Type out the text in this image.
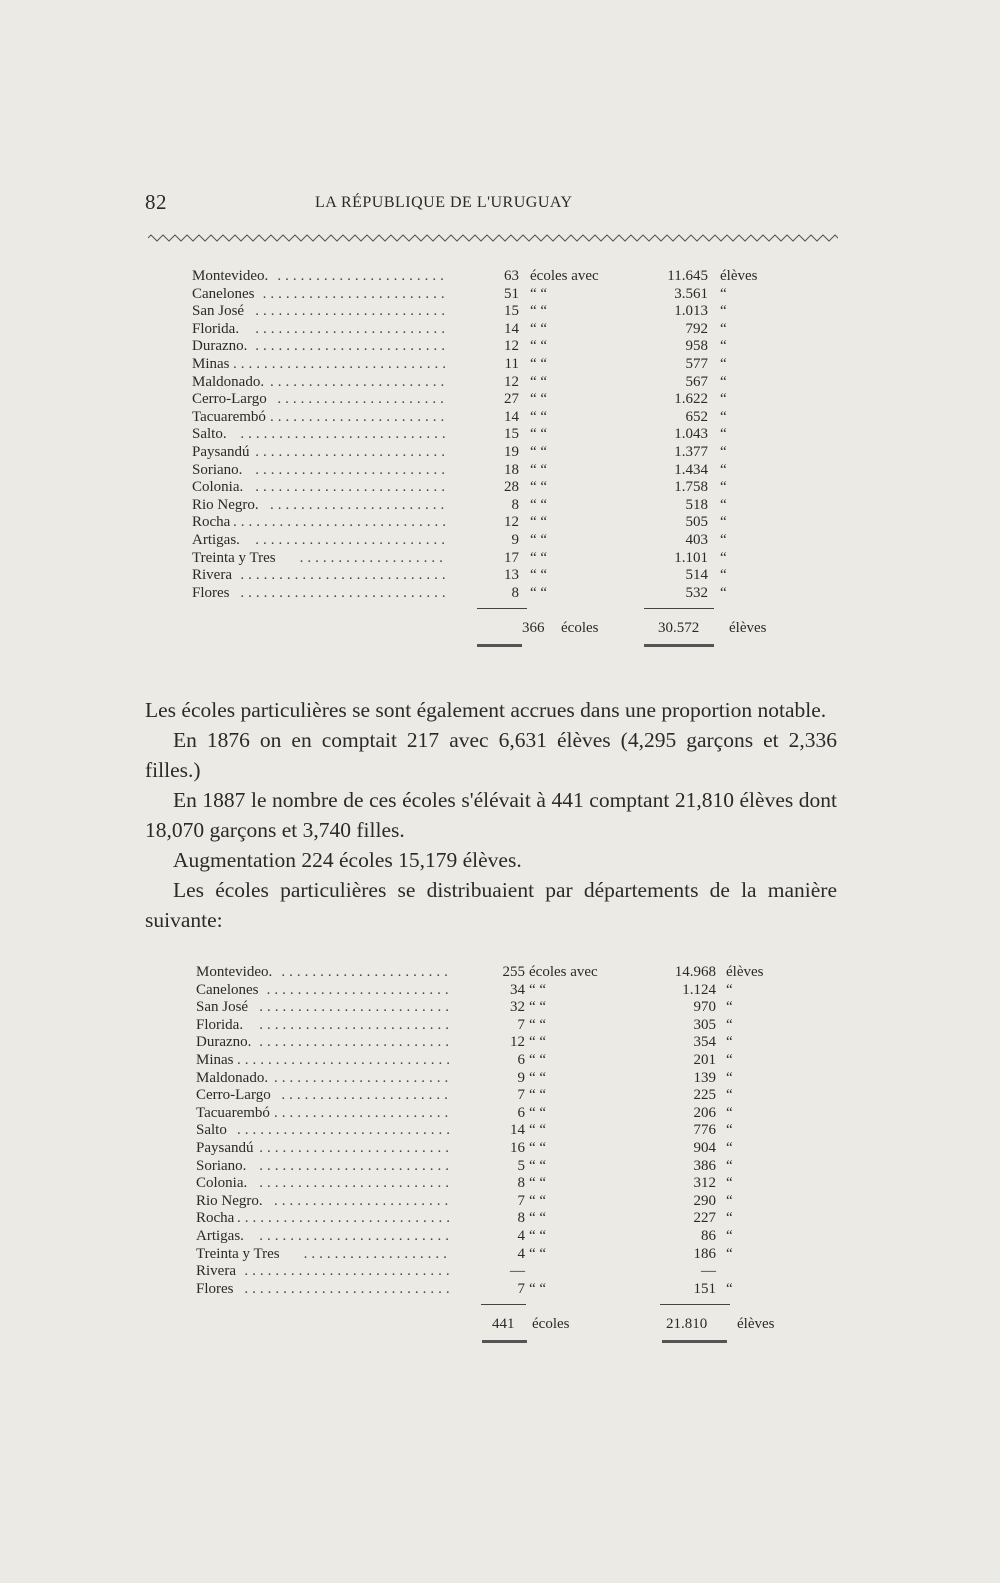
82	LA RÉPUBLIQUE DE L'URUGUAY
Montevideo. ......................	63 écoles avec	11.645 élèves
Canelones ........................	51 “ “	3.561 “
San José .........................	15 “ “	1.013 “
Florida. .........................	14 “ “	792 “
Durazno. .........................	12 “ “	958 “
Minas ............................	11 “ “	577 “
Maldonado. .......................	12 “ “	567 “
Cerro-Largo ......................	27 “ “	1.622 “
Tacuarembó .......................	14 “ “	652 “
Salto. ...........................	15 “ “	1.043 “
Paysandú .........................	19 “ “	1.377 “
Soriano. .........................	18 “ “	1.434 “
Colonia. .........................	28 “ “	1.758 “
Rio Negro. .......................	8 “ “	518 “
Rocha ............................	12 “ “	505 “
Artigas. .........................	9 “ “	403 “
Treinta y Tres ...................	17 “ “	1.101 “
Rivera ...........................	13 “ “	514 “
Flores ...........................	8 “ “	532 “
366 écoles	30.572 élèves

Les écoles particulières se sont également accrues dans une proportion notable.

En 1876 on en comptait 217 avec 6,631 élèves (4,295 garçons et 2,336 filles.)

En 1887 le nombre de ces écoles s'élévait à 441 comptant 21,810 élèves dont 18,070 garçons et 3,740 filles.

Augmentation 224 écoles 15,179 élèves.

Les écoles particulières se distribuaient par départements de la manière suivante:

Montevideo. ......................	255 écoles avec	14.968 élèves
Canelones ........................	34 “ “	1.124 “
San José .........................	32 “ “	970 “
Florida. .........................	7 “ “	305 “
Durazno. .........................	12 “ “	354 “
Minas ............................	6 “ “	201 “
Maldonado. .......................	9 “ “	139 “
Cerro-Largo ......................	7 “ “	225 “
Tacuarembó .......................	6 “ “	206 “
Salto ............................	14 “ “	776 “
Paysandú .........................	16 “ “	904 “
Soriano. .........................	5 “ “	386 “
Colonia. .........................	8 “ “	312 “
Rio Negro. .......................	7 “ “	290 “
Rocha ............................	8 “ “	227 “
Artigas. .........................	4 “ “	86 “
Treinta y Tres ...................	4 “ “	186 “
Rivera ...........................	—	—
Flores ...........................	7 “ “	151 “
441 écoles	21.810 élèves
